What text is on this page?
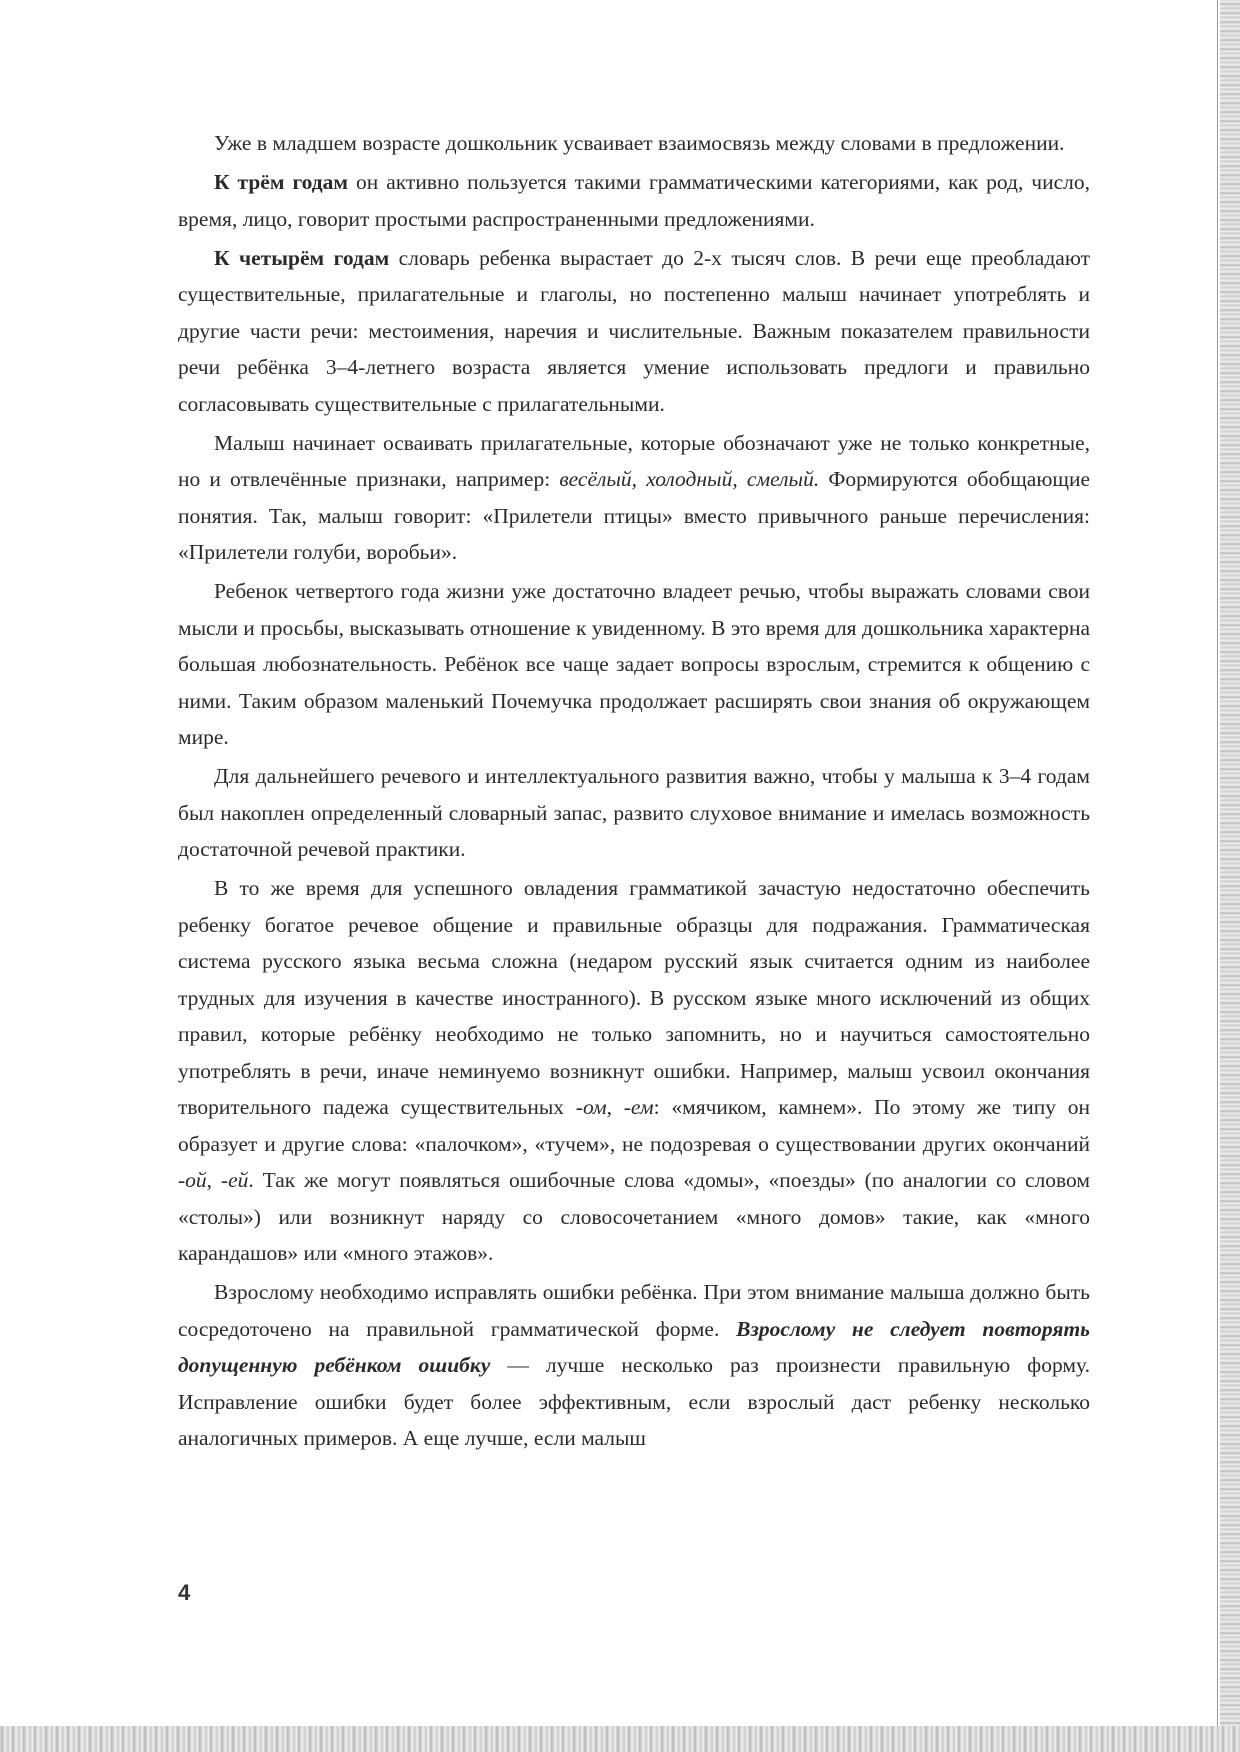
Уже в младшем возрасте дошкольник усваивает взаимосвязь между словами в предложении.

К трём годам он активно пользуется такими грамматическими категориями, как род, число, время, лицо, говорит простыми распространенными предложениями.

К четырём годам словарь ребенка вырастает до 2-х тысяч слов. В речи еще преобладают существительные, прилагательные и глаголы, но постепенно малыш начинает употреблять и другие части речи: местоимения, наречия и числительные. Важным показателем правильности речи ребёнка 3–4-летнего возраста является умение использовать предлоги и правильно согласовывать существительные с прилагательными.

Малыш начинает осваивать прилагательные, которые обозначают уже не только конкретные, но и отвлечённые признаки, например: весёлый, холодный, смелый. Формируются обобщающие понятия. Так, малыш говорит: «Прилетели птицы» вместо привычного раньше перечисления: «Прилетели голуби, воробьи».

Ребенок четвертого года жизни уже достаточно владеет речью, чтобы выражать словами свои мысли и просьбы, высказывать отношение к увиденному. В это время для дошкольника характерна большая любознательность. Ребёнок все чаще задает вопросы взрослым, стремится к общению с ними. Таким образом маленький Почемучка продолжает расширять свои знания об окружающем мире.

Для дальнейшего речевого и интеллектуального развития важно, чтобы у малыша к 3–4 годам был накоплен определенный словарный запас, развито слуховое внимание и имелась возможность достаточной речевой практики.

В то же время для успешного овладения грамматикой зачастую недостаточно обеспечить ребенку богатое речевое общение и правильные образцы для подражания. Грамматическая система русского языка весьма сложна (недаром русский язык считается одним из наиболее трудных для изучения в качестве иностранного). В русском языке много исключений из общих правил, которые ребёнку необходимо не только запомнить, но и научиться самостоятельно употреблять в речи, иначе неминуемо возникнут ошибки. Например, малыш усвоил окончания творительного падежа существительных -ом, -ем: «мячиком, камнем». По этому же типу он образует и другие слова: «палочком», «тучем», не подозревая о существовании других окончаний -ой, -ей. Так же могут появляться ошибочные слова «домы», «поезды» (по аналогии со словом «столы») или возникнут наряду со словосочетанием «много домов» такие, как «много карандашов» или «много этажов».

Взрослому необходимо исправлять ошибки ребёнка. При этом внимание малыша должно быть сосредоточено на правильной грамматической форме. Взрослому не следует повторять допущенную ребёнком ошибку — лучше несколько раз произнести правильную форму. Исправление ошибки будет более эффективным, если взрослый даст ребенку несколько аналогичных примеров. А еще лучше, если малыш

4
